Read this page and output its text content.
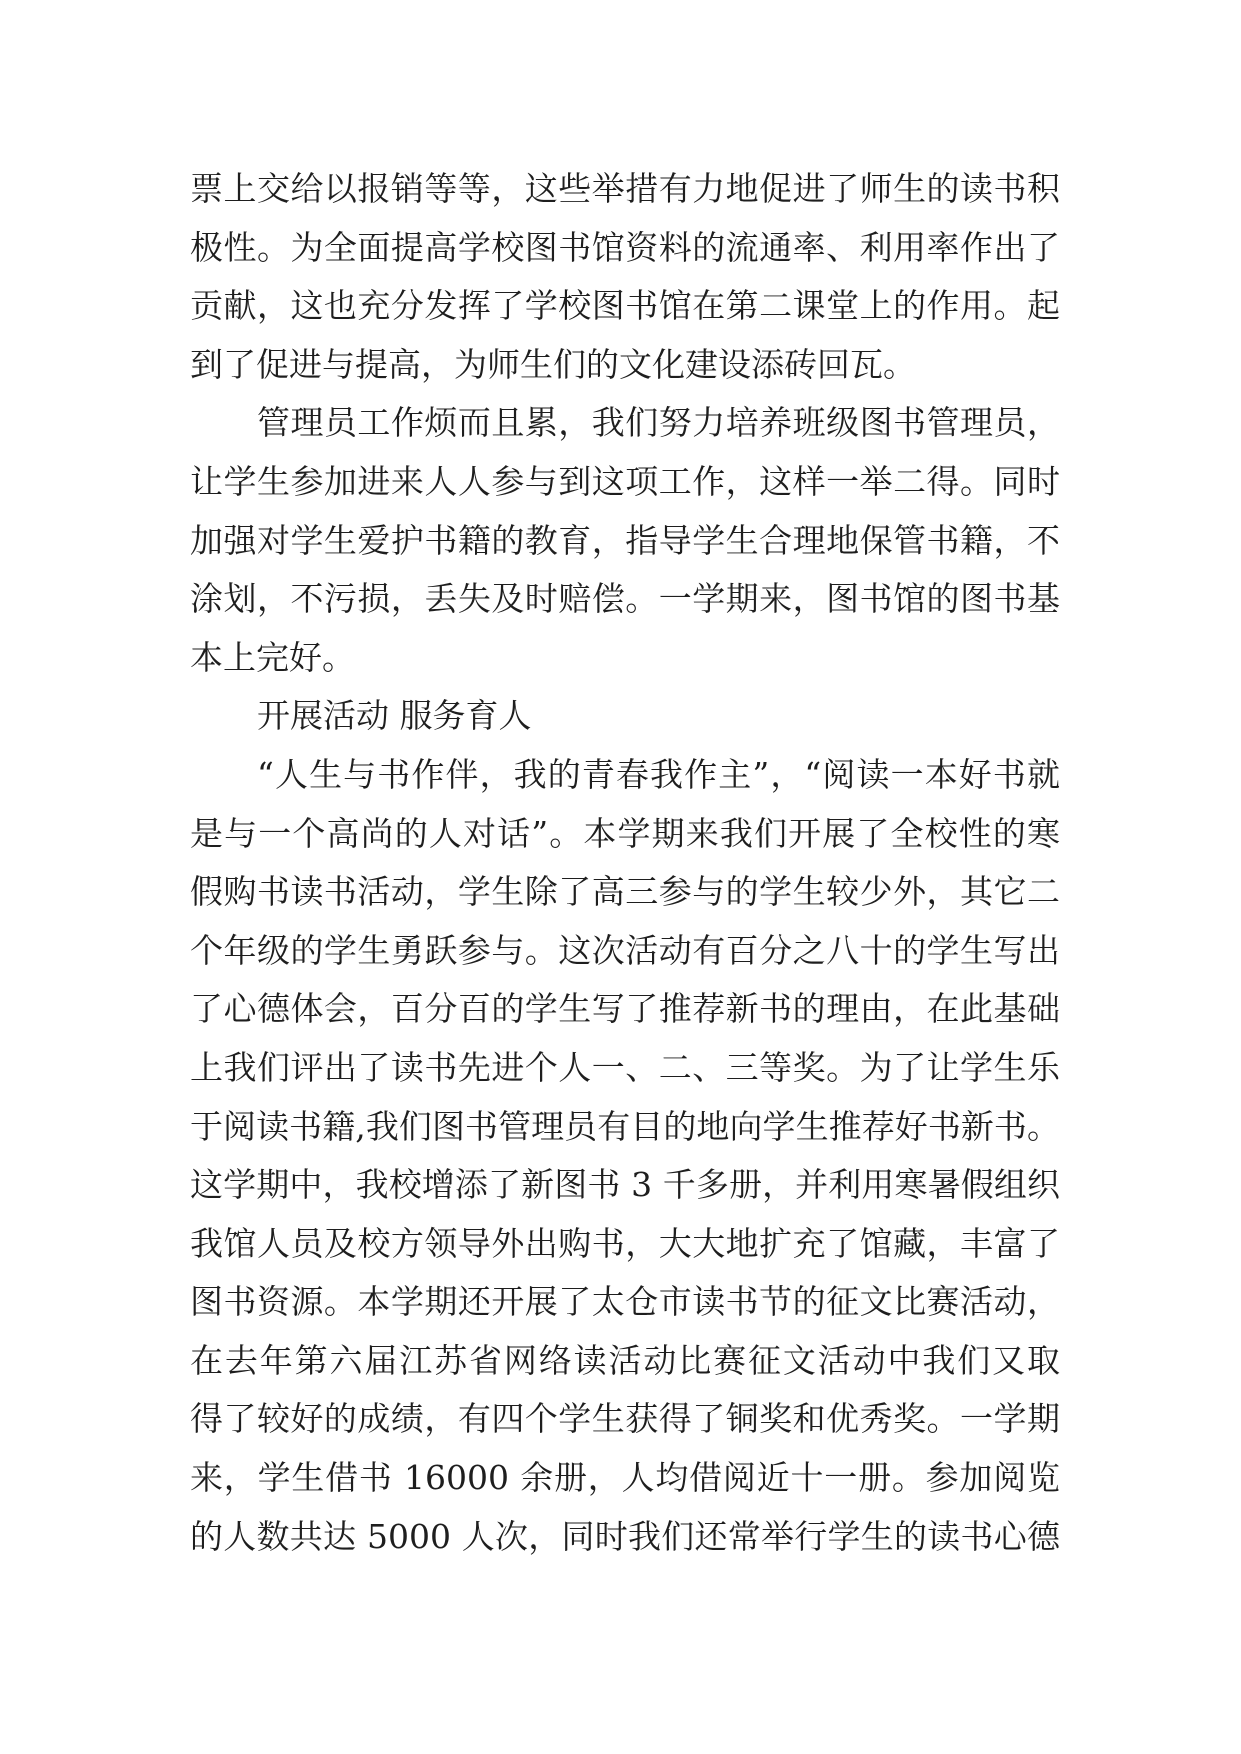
票上交给以报销等等，这些举措有力地促进了师生的读书积
极性。为全面提高学校图书馆资料的流通率、利用率作出了
贡献，这也充分发挥了学校图书馆在第二课堂上的作用。起
到了促进与提高，为师生们的文化建设添砖回瓦。
管理员工作烦而且累，我们努力培养班级图书管理员，
让学生参加进来人人参与到这项工作，这样一举二得。同时
加强对学生爱护书籍的教育，指导学生合理地保管书籍，不
涂划，不污损，丢失及时赔偿。一学期来，图书馆的图书基
本上完好。
开展活动 服务育人
“人生与书作伴，我的青春我作主”，“阅读一本好书就
是与一个高尚的人对话”。本学期来我们开展了全校性的寒
假购书读书活动，学生除了高三参与的学生较少外，其它二
个年级的学生勇跃参与。这次活动有百分之八十的学生写出
了心德体会，百分百的学生写了推荐新书的理由，在此基础
上我们评出了读书先进个人一、二、三等奖。为了让学生乐
于阅读书籍,我们图书管理员有目的地向学生推荐好书新书。
这学期中，我校增添了新图书 3 千多册，并利用寒暑假组织
我馆人员及校方领导外出购书，大大地扩充了馆藏，丰富了
图书资源。本学期还开展了太仓市读书节的征文比赛活动，
在去年第六届江苏省网络读活动比赛征文活动中我们又取
得了较好的成绩，有四个学生获得了铜奖和优秀奖。一学期
来，学生借书 16000 余册，人均借阅近十一册。参加阅览
的人数共达 5000 人次，同时我们还常举行学生的读书心德
